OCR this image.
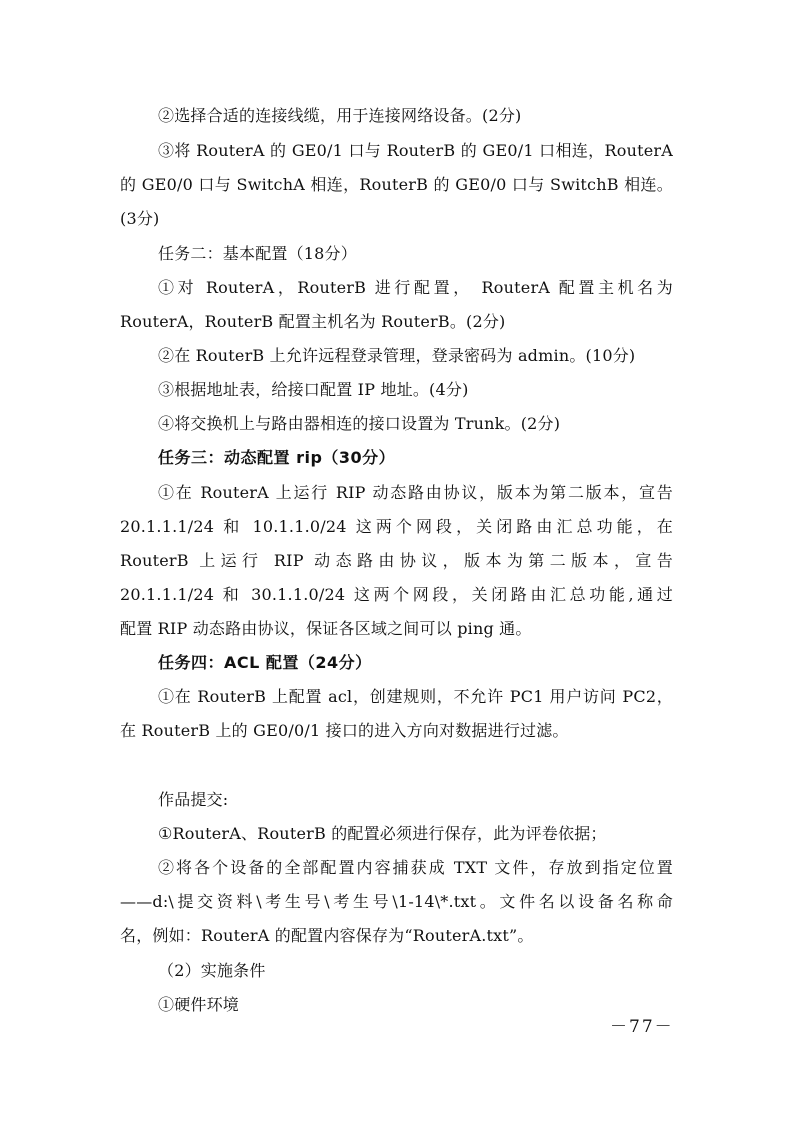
②选择合适的连接线缆，用于连接网络设备。(2分)
③将 RouterA 的 GE0/1 口与 RouterB 的 GE0/1 口相连，RouterA
的 GE0/0 口与 SwitchA 相连，RouterB 的 GE0/0 口与 SwitchB 相连。
(3分)
任务二：基本配置（18分）
①对 RouterA，RouterB 进行配置， RouterA 配置主机名为
RouterA，RouterB 配置主机名为 RouterB。(2分)
②在 RouterB 上允许远程登录管理，登录密码为 admin。(10分)
③根据地址表，给接口配置 IP 地址。(4分)
④将交换机上与路由器相连的接口设置为 Trunk。(2分)
任务三：动态配置 rip（30分）
①在 RouterA 上运行 RIP 动态路由协议，版本为第二版本，宣告
20.1.1.1/24 和 10.1.1.0/24 这两个网段，关闭路由汇总功能，在
RouterB 上运行 RIP 动态路由协议，版本为第二版本，宣告
20.1.1.1/24 和 30.1.1.0/24 这两个网段，关闭路由汇总功能,通过
配置 RIP 动态路由协议，保证各区域之间可以 ping 通。
任务四：ACL 配置（24分）
①在 RouterB 上配置 acl，创建规则，不允许 PC1 用户访问 PC2，
在 RouterB 上的 GE0/0/1 接口的进入方向对数据进行过滤。
作品提交:
①RouterA、RouterB 的配置必须进行保存，此为评卷依据；
②将各个设备的全部配置内容捕获成 TXT 文件，存放到指定位置
——d:\提交资料\考生号\考生号\1-14\*.txt。文件名以设备名称命
名，例如：RouterA 的配置内容保存为“RouterA.txt”。
（2）实施条件
①硬件环境
－77－
